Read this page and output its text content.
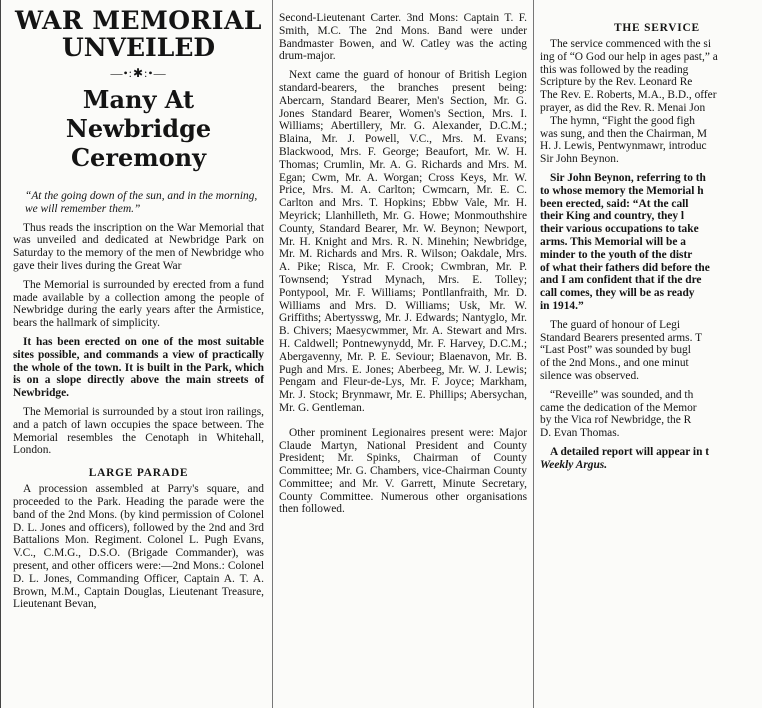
WAR MEMORIAL
UNVEILED
—•:✱:•—
Many At Newbridge Ceremony

“At the going down of the sun, and in the morning, we will remember them.”

Thus reads the inscription on the War Memorial that was unveiled and dedicated at Newbridge Park on Saturday to the memory of the men of Newbridge who gave their lives during the Great War

The Memorial is surrounded by erected from a fund made available by a collection among the people of Newbridge during the early years after the Armistice, bears the hallmark of simplicity.

It has been erected on one of the most suitable sites possible, and commands a view of practically the whole of the town. It is built in the Park, which is on a slope directly above the main streets of Newbridge.

The Memorial is surrounded by a stout iron railings, and a patch of lawn occupies the space between. The Memorial resembles the Cenotaph in Whitehall, London.

LARGE PARADE

A procession assembled at Parry's square, and proceeded to the Park. Heading the parade were the band of the 2nd Mons. (by kind permission of Colonel D. L. Jones and officers), followed by the 2nd and 3rd Battalions Mon. Regiment. Colonel L. Pugh Evans, V.C., C.M.G., D.S.O. (Brigade Commander), was present, and other officers were:—2nd Mons.: Colonel D. L. Jones, Commanding Officer, Captain A. T. A. Brown, M.M., Captain Douglas, Lieutenant Treasure, Lieutenant Bevan,

Second-Lieutenant Carter. 3nd Mons: Captain T. F. Smith, M.C. The 2nd Mons. Band were under Bandmaster Bowen, and W. Catley was the acting drum-major.

Next came the guard of honour of British Legion standard-bearers, the branches present being: Abercarn, Standard Bearer, Men's Section, Mr. G. Jones Standard Bearer, Women's Section, Mrs. I. Williams; Abertillery, Mr. G. Alexander, D.C.M.; Blaina, Mr. J. Powell, V.C., Mrs. M. Evans; Blackwood, Mrs. F. George; Beaufort, Mr. W. H. Thomas; Crumlin, Mr. A. G. Richards and Mrs. M. Egan; Cwm, Mr. A. Worgan; Cross Keys, Mr. W. Price, Mrs. M. A. Carlton; Cwmcarn, Mr. E. C. Carlton and Mrs. T. Hopkins; Ebbw Vale, Mr. H. Meyrick; Llanhilleth, Mr. G. Howe; Monmouthshire County, Standard Bearer, Mr. W. Beynon; Newport, Mr. H. Knight and Mrs. R. N. Minehin; Newbridge, Mr. M. Richards and Mrs. R. Wilson; Oakdale, Mrs. A. Pike; Risca, Mr. F. Crook; Cwmbran, Mr. P. Townsend; Ystrad Mynach, Mrs. E. Tolley; Pontypool, Mr. F. Williams; Pontllanfraith, Mr. D. Williams and Mrs. D. Williams; Usk, Mr. W. Griffiths; Abertysswg, Mr. J. Edwards; Nantyglo, Mr. B. Chivers; Maesycwmmer, Mr. A. Stewart and Mrs. H. Caldwell; Pontnewynydd, Mr. F. Harvey, D.C.M.; Abergavenny, Mr. P. E. Seviour; Blaenavon, Mr. B. Pugh and Mrs. E. Jones; Aberbeeg, Mr. W. J. Lewis; Pengam and Fleur-de-Lys, Mr. F. Joyce; Markham, Mr. J. Stock; Brynmawr, Mr. E. Phillips; Abersychan, Mr. G. Gentleman.

Other prominent Legionaires present were: Major Claude Martyn, National President and County President; Mr. Spinks, Chairman of County Committee; Mr. G. Chambers, vice-Chairman County Committee; and Mr. V. Garrett, Minute Secretary, County Committee. Numerous other organisations then followed.

THE SERVICE

The service commenced with the si

ing of “O God our help in ages past,” a

this was followed by the reading

Scripture by the Rev. Leonard Re

The Rev. E. Roberts, M.A., B.D., offer

prayer, as did the Rev. R. Menai Jon

The hymn, “Fight the good figh

was sung, and then the Chairman, M

H. J. Lewis, Pentwynmawr, introduc

Sir John Beynon.

Sir John Beynon, referring to th

to whose memory the Memorial h

been erected, said: “At the call

their King and country, they l

their various occupations to take

arms. This Memorial will be a

minder to the youth of the distr

of what their fathers did before the

and I am confident that if the dre

call comes, they will be as ready

in 1914.”

The guard of honour of Legi

Standard Bearers presented arms. T

“Last Post” was sounded by bugl

of the 2nd Mons., and one minut

silence was observed.

“Reveille” was sounded, and th

came the dedication of the Memor

by the Vica rof Newbridge, the R

D. Evan Thomas.

A detailed report will appear in t

Weekly Argus.
